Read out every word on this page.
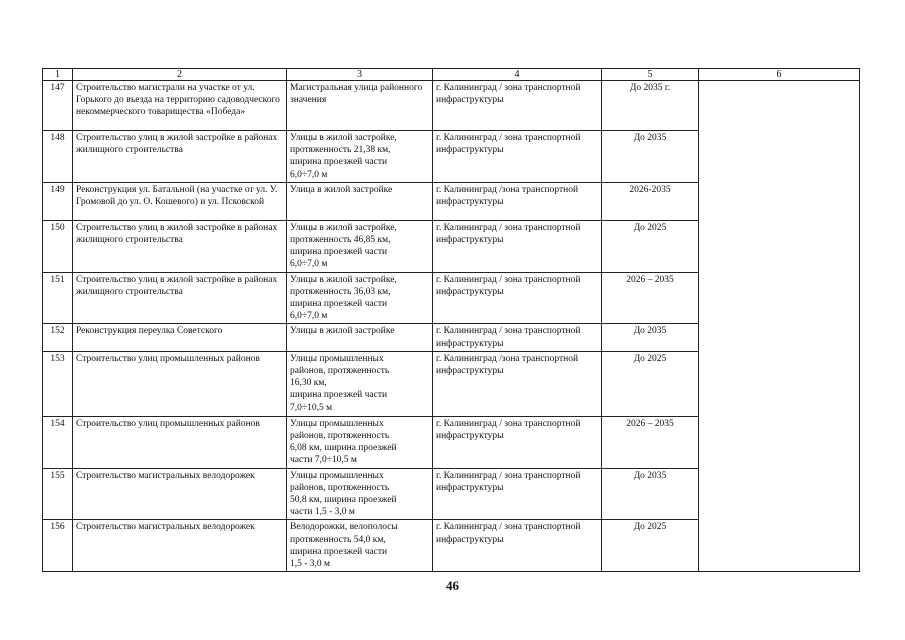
1	2	3	4	5	6
147	Строительство магистрали на участке от ул. Горького до въезда на территорию садоводческого некоммерческого товарищества «Победа»	Магистральная улица районного значения	г. Калининград / зона транспортной инфраструктуры	До 2035 г.	
148	Строительство улиц в жилой застройке в районах жилищного строительства	Улицы в жилой застройке,
протяженность 21,38 км,
ширина проезжей части
6,0÷7,0 м	г. Калининград / зона транспортной инфраструктуры	До 2035	
149	Реконструкция ул. Батальной (на участке от ул. У. Громовой до ул. О. Кошевого) и ул. Псковской	Улица в жилой застройке	г. Калининград /зона транспортной инфраструктуры	2026-2035	
150	Строительство улиц в жилой застройке в районах жилищного строительства	Улицы в жилой застройке,
протяженность 46,85 км,
ширина проезжей части
6,0÷7,0 м	г. Калининград / зона транспортной инфраструктуры	До 2025	
151	Строительство улиц в жилой застройке в районах жилищного строительства	Улицы в жилой застройке,
протяженность 36,03 км,
ширина проезжей части
6,0÷7,0 м	г. Калининград / зона транспортной инфраструктуры	2026 – 2035	
152	Реконструкция переулка Советского	Улицы в жилой застройке	г. Калининград / зона транспортной инфраструктуры	До 2035	
153	Строительство улиц промышленных районов	Улицы промышленных
районов, протяженность
16,30 км,
ширина проезжей части
7,0÷10,5 м	г. Калининград /зона транспортной инфраструктуры	До 2025	
154	Строительство улиц промышленных районов	Улицы промышленных
районов, протяженность
6,08 км, ширина проезжей
части 7,0÷10,5 м	г. Калининград / зона транспортной инфраструктуры	2026 – 2035	
155	Строительство магистральных велодорожек	Улицы промышленных
районов, протяженность
50,8 км, ширина проезжей
части 1,5 - 3,0 м	г. Калининград / зона транспортной инфраструктуры	До 2035	
156	Строительство магистральных велодорожек	Велодорожки, велополосы
протяженность 54,0 км,
ширина проезжей части
1,5 - 3,0 м	г. Калининград / зона транспортной инфраструктуры	До 2025	
46
